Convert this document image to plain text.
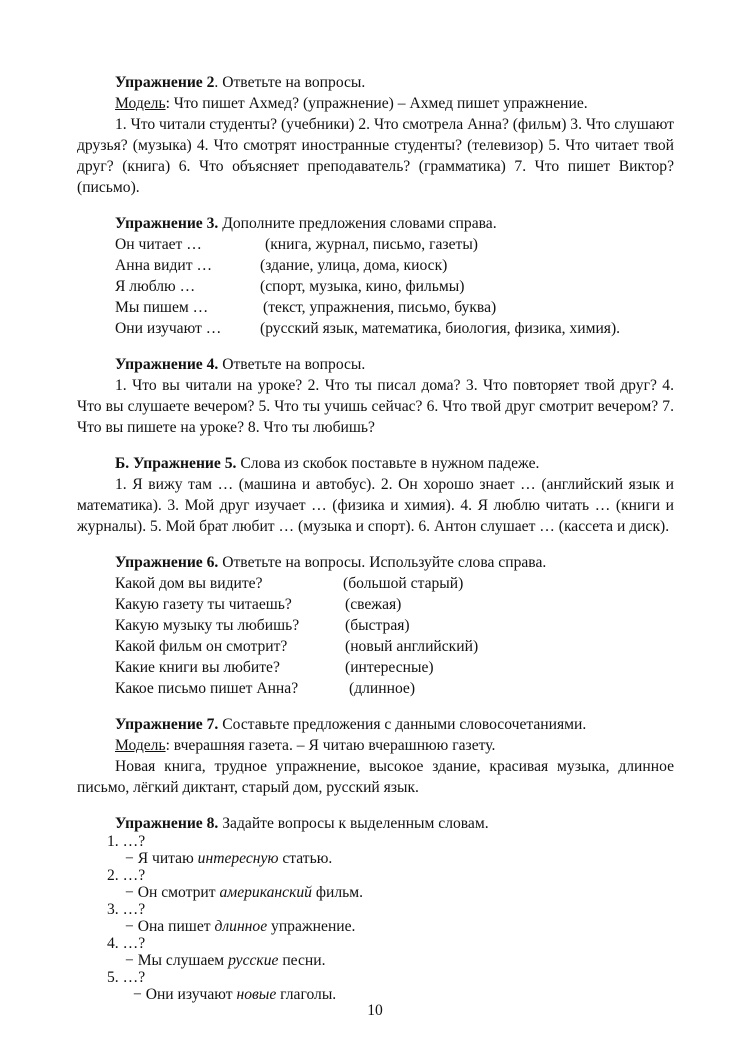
Упражнение 2. Ответьте на вопросы.
Модель: Что пишет Ахмед? (упражнение) – Ахмед пишет упражнение.
1. Что читали студенты? (учебники) 2. Что смотрела Анна? (фильм) 3. Что слушают друзья? (музыка) 4. Что смотрят иностранные студенты? (телевизор) 5. Что читает твой друг? (книга) 6. Что объясняет преподаватель? (грамматика) 7. Что пишет Виктор? (письмо).
Упражнение 3. Дополните предложения словами справа.
Он читает …	(книга, журнал, письмо, газеты)
Анна видит …	(здание, улица, дома, киоск)
Я люблю …	(спорт, музыка, кино, фильмы)
Мы пишем …	(текст, упражнения, письмо, буква)
Они изучают … (русский язык, математика, биология, физика, химия).
Упражнение 4. Ответьте на вопросы.
1. Что вы читали на уроке? 2. Что ты писал дома? 3. Что повторяет твой друг? 4. Что вы слушаете вечером? 5. Что ты учишь сейчас? 6. Что твой друг смотрит вечером? 7. Что вы пишете на уроке? 8. Что ты любишь?
Б. Упражнение 5. Слова из скобок поставьте в нужном падеже.
1. Я вижу там … (машина и автобус). 2. Он хорошо знает … (английский язык и математика). 3. Мой друг изучает … (физика и химия). 4. Я люблю читать … (книги и журналы). 5. Мой брат любит … (музыка и спорт). 6. Антон слушает … (кассета и диск).
Упражнение 6. Ответьте на вопросы. Используйте слова справа.
Какой дом вы видите?	(большой старый)
Какую газету ты читаешь?	(свежая)
Какую музыку ты любишь?	(быстрая)
Какой фильм он смотрит?	(новый английский)
Какие книги вы любите?	(интересные)
Какое письмо пишет Анна?	(длинное)
Упражнение 7. Составьте предложения с данными словосочетаниями.
Модель: вчерашняя газета. – Я читаю вчерашнюю газету.
Новая книга, трудное упражнение, высокое здание, красивая музыка, длинное письмо, лёгкий диктант, старый дом, русский язык.
Упражнение 8. Задайте вопросы к выделенным словам.
1. …?
− Я читаю интересную статью.
2. …?
− Он смотрит американский фильм.
3. …?
− Она пишет длинное упражнение.
4. …?
− Мы слушаем русские песни.
5. …?
− Они изучают новые глаголы.
10
